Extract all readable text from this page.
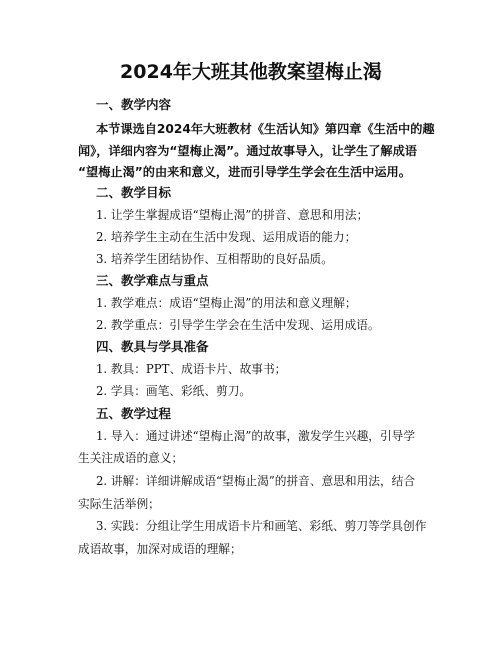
2024年大班其他教案望梅止渴
一、教学内容
本节课选自2024年大班教材《生活认知》第四章《生活中的趣
闻》，详细内容为“望梅止渴”。通过故事导入，让学生了解成语
“望梅止渴”的由来和意义，进而引导学生学会在生活中运用。
二、教学目标
1. 让学生掌握成语“望梅止渴”的拼音、意思和用法；
2. 培养学生主动在生活中发现、运用成语的能力；
3. 培养学生团结协作、互相帮助的良好品质。
三、教学难点与重点
1. 教学难点：成语“望梅止渴”的用法和意义理解；
2. 教学重点：引导学生学会在生活中发现、运用成语。
四、教具与学具准备
1. 教具：PPT、成语卡片、故事书；
2. 学具：画笔、彩纸、剪刀。
五、教学过程
1. 导入：通过讲述“望梅止渴”的故事，激发学生兴趣，引导学
生关注成语的意义；
2. 讲解：详细讲解成语“望梅止渴”的拼音、意思和用法，结合
实际生活举例；
3. 实践：分组让学生用成语卡片和画笔、彩纸、剪刀等学具创作
成语故事，加深对成语的理解；
